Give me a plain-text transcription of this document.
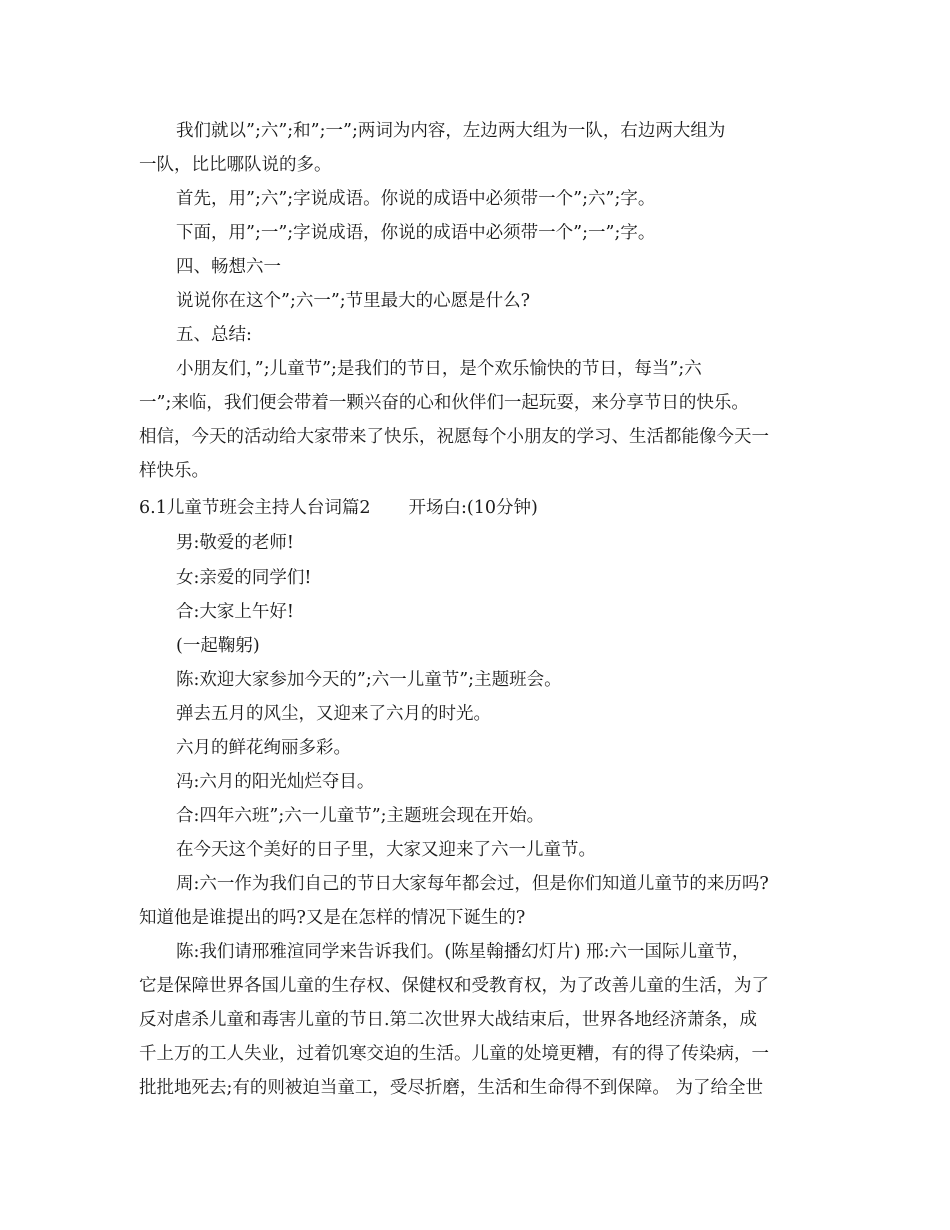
我们就以”;六”;和”;一”;两词为内容，左边两大组为一队，右边两大组为
一队，比比哪队说的多。
首先，用”;六”;字说成语。你说的成语中必须带一个”;六”;字。
下面，用”;一”;字说成语，你说的成语中必须带一个”;一”;字。
四、畅想六一
说说你在这个”;六一”;节里最大的心愿是什么?
五、总结:
小朋友们，”;儿童节”;是我们的节日，是个欢乐愉快的节日，每当”;六
一”;来临，我们便会带着一颗兴奋的心和伙伴们一起玩耍，来分享节日的快乐。
相信，今天的活动给大家带来了快乐，祝愿每个小朋友的学习、生活都能像今天一
样快乐。
6.1儿童节班会主持人台词篇2 开场白:(10分钟)
男:敬爱的老师!
女:亲爱的同学们!
合:大家上午好!
(一起鞠躬)
陈:欢迎大家参加今天的”;六一儿童节”;主题班会。
弹去五月的风尘，又迎来了六月的时光。
六月的鲜花绚丽多彩。
冯:六月的阳光灿烂夺目。
合:四年六班”;六一儿童节”;主题班会现在开始。
在今天这个美好的日子里，大家又迎来了六一儿童节。
周:六一作为我们自己的节日大家每年都会过，但是你们知道儿童节的来历吗?
知道他是谁提出的吗?又是在怎样的情况下诞生的?
陈:我们请邢雅渲同学来告诉我们。(陈星翰播幻灯片) 邢:六一国际儿童节，
它是保障世界各国儿童的生存权、保健权和受教育权，为了改善儿童的生活，为了
反对虐杀儿童和毒害儿童的节日.第二次世界大战结束后，世界各地经济萧条，成
千上万的工人失业，过着饥寒交迫的生活。儿童的处境更糟，有的得了传染病，一
批批地死去;有的则被迫当童工，受尽折磨，生活和生命得不到保障。 为了给全世
